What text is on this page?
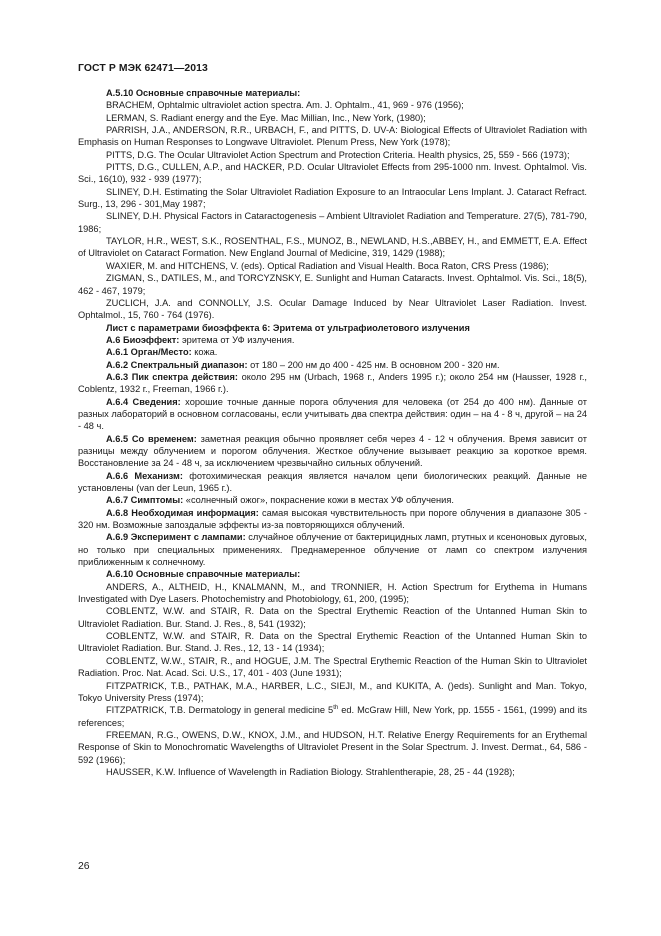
ГОСТ Р МЭК 62471—2013

A.5.10 Основные справочные материалы:

BRACHEM, Ophtalmic ultraviolet action spectra. Am. J. Ophtalm., 41, 969 - 976 (1956);

LERMAN, S. Radiant energy and the Eye. Mac Millian, Inc., New York, (1980);

PARRISH, J.A., ANDERSON, R.R., URBACH, F., and PITTS, D. UV-A: Biological Effects of Ultraviolet Radiation with Emphasis on Human Responses to Longwave Ultraviolet. Plenum Press, New York (1978);

PITTS, D.G. The Ocular Ultraviolet Action Spectrum and Protection Criteria. Health physics, 25, 559 - 566 (1973);

PITTS, D.G., CULLEN, A.P., and HACKER, P.D. Ocular Ultraviolet Effects from 295-1000 nm. Invest. Ophtalmol. Vis. Sci., 16(10), 932 - 939 (1977);

SLINEY, D.H. Estimating the Solar Ultraviolet Radiation Exposure to an Intraocular Lens Implant. J. Cataract Refract. Surg., 13, 296 - 301,May 1987;

SLINEY, D.H. Physical Factors in Cataractogenesis – Ambient Ultraviolet Radiation and Temperature. 27(5), 781-790, 1986;

TAYLOR, H.R., WEST, S.K., ROSENTHAL, F.S., MUNOZ, B., NEWLAND, H.S.,ABBEY, H., and EMMETT, E.A. Effect of Ultraviolet on Cataract Formation. New England Journal of Medicine, 319, 1429 (1988);

WAXIER, M. and HITCHENS, V. (eds). Optical Radiation and Visual Health. Boca Raton, CRS Press (1986);

ZIGMAN, S., DATILES, M., and TORCYZNSKY, E. Sunlight and Human Cataracts. Invest. Ophtalmol. Vis. Sci., 18(5), 462 - 467, 1979;

ZUCLICH, J.A. and CONNOLLY, J.S. Ocular Damage Induced by Near Ultraviolet Laser Radiation. Invest. Ophtalmol., 15, 760 - 764 (1976).

Лист с параметрами биоэффекта 6: Эритема от ультрафиолетового излучения

A.6 Биоэффект: эритема от УФ излучения.

A.6.1 Орган/Место: кожа.

A.6.2 Спектральный диапазон: от 180 – 200 нм до 400 - 425 нм. В основном 200 - 320 нм.

A.6.3 Пик спектра действия: около 295 нм (Urbach, 1968 г., Anders 1995 г.); около 254 нм (Hausser, 1928 г., Coblentz, 1932 г., Freeman, 1966 г.).

A.6.4 Сведения: хорошие точные данные порога облучения для человека (от 254 до 400 нм). Данные от разных лабораторий в основном согласованы, если учитывать два спектра действия: один – на 4 - 8 ч, другой – на 24 - 48 ч.

A.6.5 Со временем: заметная реакция обычно проявляет себя через 4 - 12 ч облучения. Время зависит от разницы между облучением и порогом облучения. Жесткое облучение вызывает реакцию за короткое время. Восстановление за 24 - 48 ч, за исключением чрезвычайно сильных облучений.

A.6.6 Механизм: фотохимическая реакция является началом цепи биологических реакций. Данные не установлены (van der Leun, 1965 г.).

A.6.7 Симптомы: «солнечный ожог», покраснение кожи в местах УФ облучения.

A.6.8 Необходимая информация: самая высокая чувствительность при пороге облучения в диапазоне 305 - 320 нм. Возможные запоздалые эффекты из-за повторяющихся облучений.

A.6.9 Эксперимент с лампами: случайное облучение от бактерицидных ламп, ртутных и ксеноновых дуговых, но только при специальных применениях. Преднамеренное облучение от ламп со спектром излучения приближенным к солнечному.

A.6.10 Основные справочные материалы:

ANDERS, A., ALTHEID, H., KNALMANN, M., and TRONNIER, H. Action Spectrum for Erythema in Humans Investigated with Dye Lasers. Photochemistry and Photobiology, 61, 200, (1995);

COBLENTZ, W.W. and STAIR, R. Data on the Spectral Erythemic Reaction of the Untanned Human Skin to Ultraviolet Radiation. Bur. Stand. J. Res., 8, 541 (1932);

COBLENTZ, W.W. and STAIR, R. Data on the Spectral Erythemic Reaction of the Untanned Human Skin to Ultraviolet Radiation. Bur. Stand. J. Res., 12, 13 - 14 (1934);

COBLENTZ, W.W., STAIR, R., and HOGUE, J.M. The Spectral Erythemic Reaction of the Human Skin to Ultraviolet Radiation. Proc. Nat. Acad. Sci. U.S., 17, 401 - 403 (June 1931);

FITZPATRICK, T.B., PATHAK, M.A., HARBER, L.C., SIEJI, M., and KUKITA, A. ()eds). Sunlight and Man. Tokyo, Tokyo University Press (1974);

FITZPATRICK, T.B. Dermatology in general medicine 5th ed. McGraw Hill, New York, pp. 1555 - 1561, (1999) and its references;

FREEMAN, R.G., OWENS, D.W., KNOX, J.M., and HUDSON, H.T. Relative Energy Requirements for an Erythemal Response of Skin to Monochromatic Wavelengths of Ultraviolet Present in the Solar Spectrum. J. Invest. Dermat., 64, 586 - 592 (1966);

HAUSSER, K.W. Influence of Wavelength in Radiation Biology. Strahlentherapie, 28, 25 - 44 (1928);

26
